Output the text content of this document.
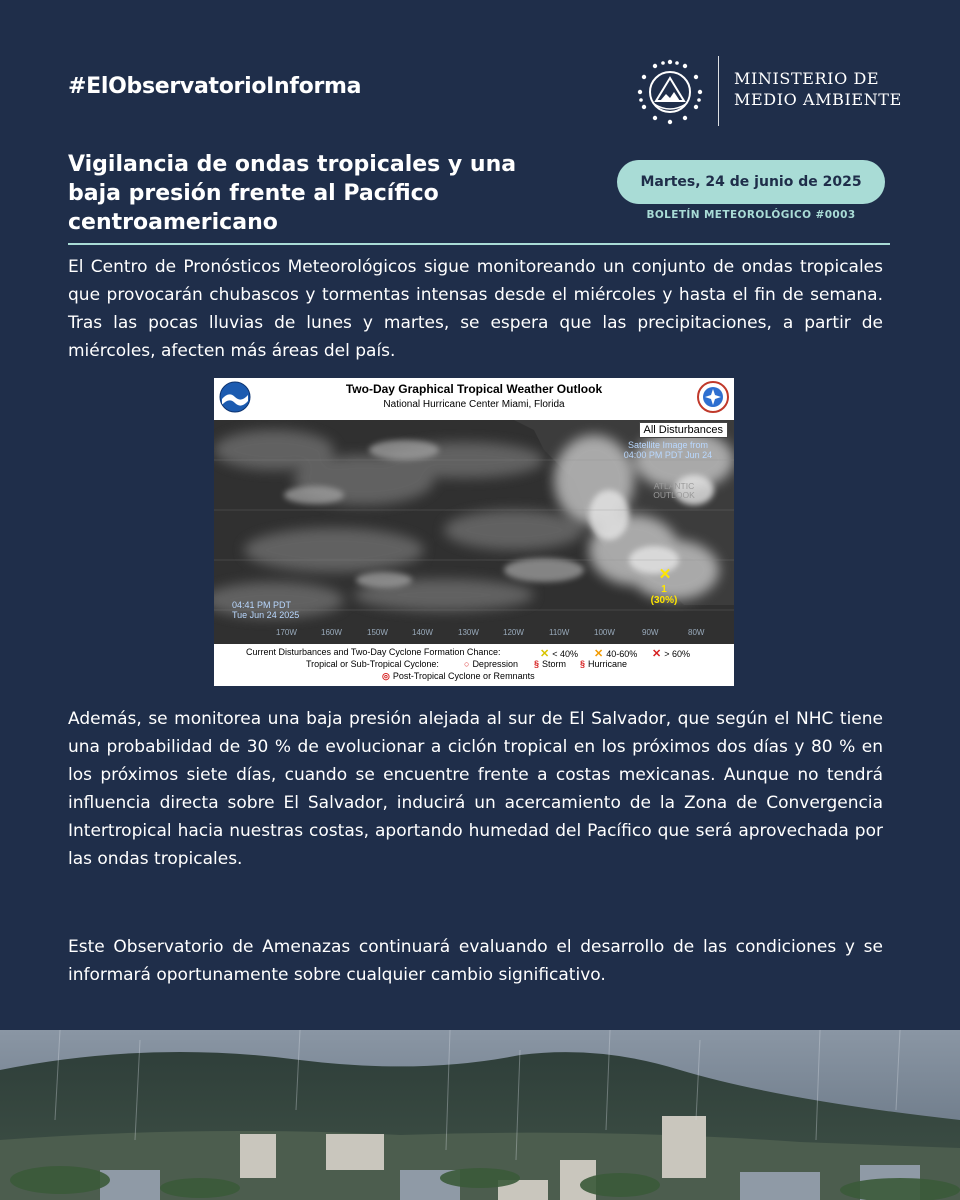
#ElObservatorioInforma	MINISTERIO DE
MEDIO AMBIENTE
Vigilancia de ondas tropicales y una baja presión frente al Pacífico centroamericano
Martes, 24 de junio de 2025
BOLETÍN METEOROLÓGICO #0003
El Centro de Pronósticos Meteorológicos sigue monitoreando un conjunto de ondas tropicales que provocarán chubascos y tormentas intensas desde el miércoles y hasta el fin de semana. Tras las pocas lluvias de lunes y martes, se espera que las precipitaciones, a partir de miércoles, afecten más áreas del país.
Two-Day Graphical Tropical Weather Outlook
National Hurricane Center Miami, Florida
All Disturbances
Satellite Image from
04:00 PM PDT Jun 24
ATLANTIC
OUTLOOK
04:41 PM PDT
Tue Jun 24 2025
170W	160W	150W	140W	130W	120W	110W	100W	90W	80W
✕
1
(30%)
Current Disturbances and Two-Day Cyclone Formation Chance:	✕ < 40% ✕ 40-60% ✕ > 60%
Tropical or Sub-Tropical Cyclone:	○ Depression § Storm § Hurricane
◎ Post-Tropical Cyclone or Remnants
Además, se monitorea una baja presión alejada al sur de El Salvador, que según el NHC tiene una probabilidad de 30 % de evolucionar a ciclón tropical en los próximos dos días y 80 % en los próximos siete días, cuando se encuentre frente a costas mexicanas. Aunque no tendrá influencia directa sobre El Salvador, inducirá un acercamiento de la Zona de Convergencia Intertropical hacia nuestras costas, aportando humedad del Pacífico que será aprovechada por las ondas tropicales.
Este Observatorio de Amenazas continuará evaluando el desarrollo de las condiciones y se informará oportunamente sobre cualquier cambio significativo.
